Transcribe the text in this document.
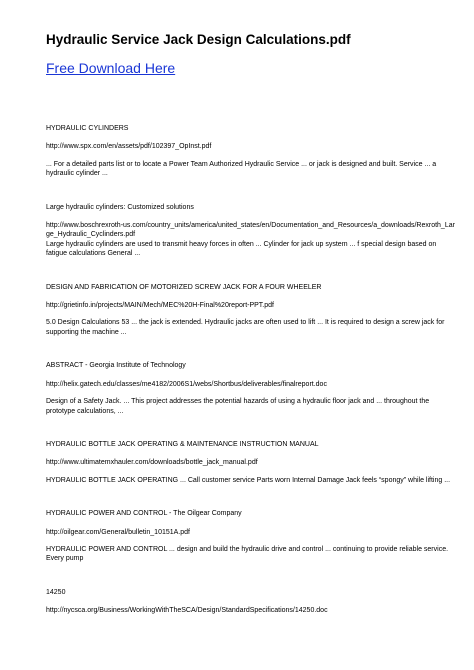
Hydraulic Service Jack Design Calculations.pdf
Free Download Here

HYDRAULIC CYLINDERS

http://www.spx.com/en/assets/pdf/102397_OpInst.pdf

... For a detailed parts list or to locate a Power Team Authorized Hydraulic Service ... or jack is designed and built. Service ... a hydraulic cylinder ...

Large hydraulic cylinders: Customized solutions

http://www.boschrexroth-us.com/country_units/america/united_states/en/Documentation_and_Resources/a_downloads/Rexroth_Large_Hydraulic_Cyclinders.pdf

Large hydraulic cylinders are used to transmit heavy forces in often ... Cylinder for jack up system ... f special design based on fatigue calculations General ...

DESIGN AND FABRICATION OF MOTORIZED SCREW JACK FOR A FOUR WHEELER

http://grietinfo.in/projects/MAIN/Mech/MEC%20H-Final%20report-PPT.pdf

5.0 Design Calculations 53 ... the jack is extended. Hydraulic jacks are often used to lift ... It is required to design a screw jack for supporting the machine ...

ABSTRACT - Georgia Institute of Technology

http://helix.gatech.edu/classes/me4182/2006S1/webs/Shortbus/deliverables/finalreport.doc

Design of a Safety Jack. ... This project addresses the potential hazards of using a hydraulic floor jack and ... throughout the prototype calculations, ...

HYDRAULIC BOTTLE JACK OPERATING & MAINTENANCE INSTRUCTION MANUAL

http://www.ultimatemxhauler.com/downloads/bottle_jack_manual.pdf

HYDRAULIC BOTTLE JACK OPERATING ... Call customer service Parts worn Internal Damage Jack feels “spongy” while lifting ...

HYDRAULIC POWER AND CONTROL - The Oilgear Company

http://oilgear.com/General/bulletin_10151A.pdf

HYDRAULIC POWER AND CONTROL ... design and build the hydraulic drive and control ... continuing to provide reliable service. Every pump

14250

http://nycsca.org/Business/WorkingWithTheSCA/Design/StandardSpecifications/14250.doc
